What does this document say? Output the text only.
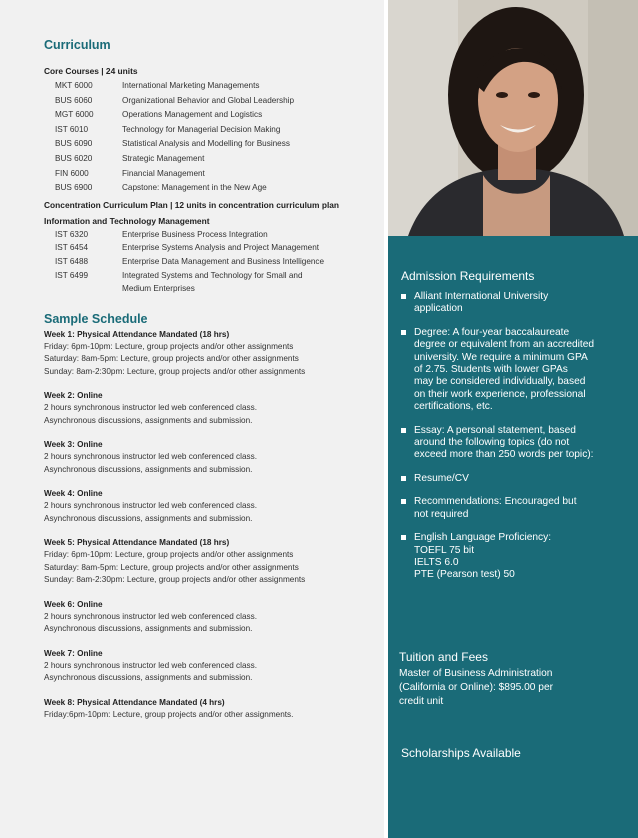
Curriculum

Core Courses | 24 units

MKT 6000	International Marketing Managements
BUS 6060	Organizational Behavior and Global Leadership
MGT 6000	Operations Management and Logistics
IST 6010	Technology for Managerial Decision Making
BUS 6090	Statistical Analysis and Modelling for Business
BUS 6020	Strategic Management
FIN 6000	Financial Management
BUS 6900	Capstone: Management in the New Age

Concentration Curriculum Plan | 12 units in concentration curriculum plan

Information and Technology Management

IST 6320	Enterprise Business Process Integration
IST 6454	Enterprise Systems Analysis and Project Management
IST 6488	Enterprise Data Management and Business Intelligence
IST 6499	Integrated Systems and Technology for Small and
Medium Enterprises
Sample Schedule
Week 1: Physical Attendance Mandated (18 hrs)
Friday: 6pm-10pm: Lecture, group projects and/or other assignments
Saturday: 8am-5pm: Lecture, group projects and/or other assignments
Sunday: 8am-2:30pm: Lecture, group projects and/or other assignments
Week 2: Online
2 hours synchronous instructor led web conferenced class.
Asynchronous discussions, assignments and submission.
Week 3: Online
2 hours synchronous instructor led web conferenced class.
Asynchronous discussions, assignments and submission.
Week 4: Online
2 hours synchronous instructor led web conferenced class.
Asynchronous discussions, assignments and submission.
Week 5: Physical Attendance Mandated (18 hrs)
Friday: 6pm-10pm: Lecture, group projects and/or other assignments
Saturday: 8am-5pm: Lecture, group projects and/or other assignments
Sunday: 8am-2:30pm: Lecture, group projects and/or other assignments
Week 6: Online
2 hours synchronous instructor led web conferenced class.
Asynchronous discussions, assignments and submission.
Week 7: Online
2 hours synchronous instructor led web conferenced class.
Asynchronous discussions, assignments and submission.
Week 8: Physical Attendance Mandated (4 hrs)
Friday:6pm-10pm: Lecture, group projects and/or other assignments.
Admission Requirements
Alliant International University
application
Degree: A four-year baccalaureate
degree or equivalent from an accredited
university. We require a minimum GPA
of 2.75. Students with lower GPAs
may be considered individually, based
on their work experience, professional
certifications, etc.
Essay: A personal statement, based
around the following topics (do not
exceed more than 250 words per topic):
Resume/CV
Recommendations: Encouraged but
not required
English Language Proficiency:
TOEFL 75 bit
IELTS 6.0
PTE (Pearson test) 50
Tuition and Fees
Master of Business Administration
(California or Online): $895.00 per
credit unit
Scholarships Available
